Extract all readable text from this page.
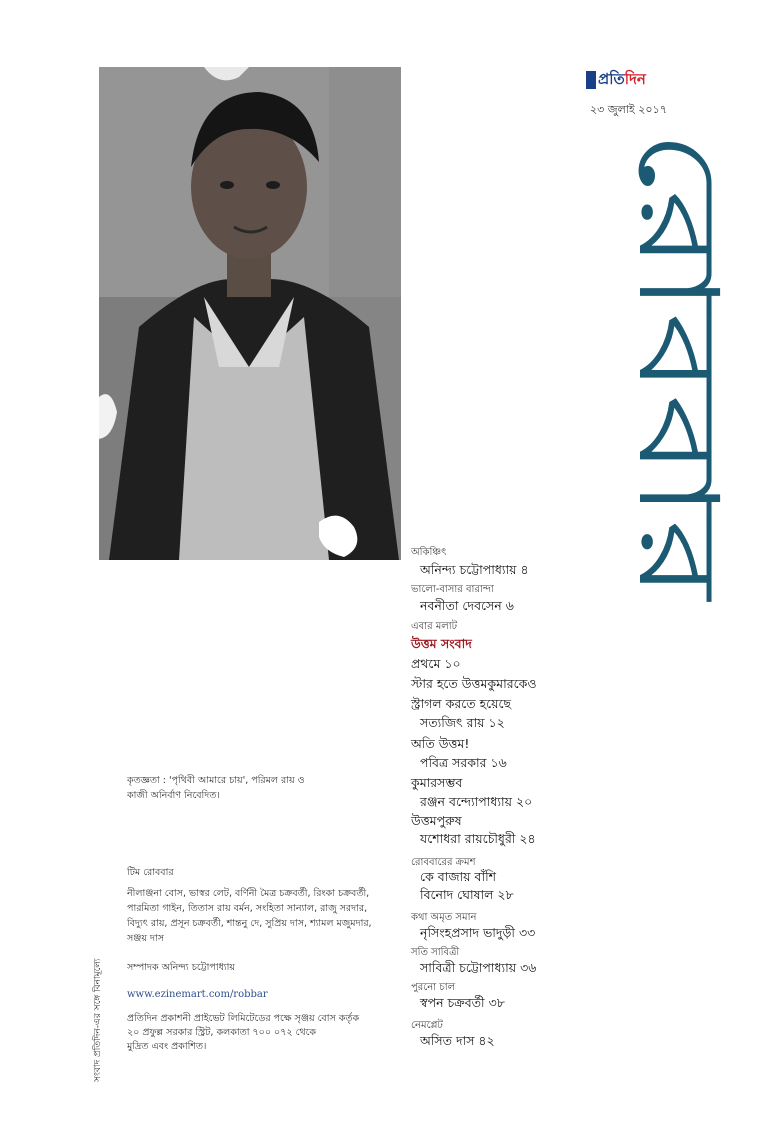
প্রতি দিন
২৩ জুলাই ২০১৭
রোববার
অকিঞ্চিৎ
অনিন্দ্য চট্টোপাধ্যায় ৪
ভালো-বাসার বারান্দা
নবনীতা দেবসেন ৬
এবার মলাট
উত্তম সংবাদ
প্রথমে ১০
স্টার হতে উত্তমকুমারকেও
স্ট্রাগল করতে হয়েছে
সত্যজিৎ রায় ১২
অতি উত্তম!
পবিত্র সরকার ১৬
কুমারসম্ভব
রঞ্জন বন্দ্যোপাধ্যায় ২০
উত্তমপুরুষ
যশোধরা রায়চৌধুরী ২৪
রোববারের ক্রমশ
কে বাজায় বাঁশি
বিনোদ ঘোষাল ২৮
কথা অমৃত সমান
নৃসিংহপ্রসাদ ভাদুড়ী ৩৩
সতি সাবিত্রী
সাবিত্রী চট্টোপাধ্যায় ৩৬
পুরনো চাল
স্বপন চক্রবর্তী ৩৮
নেমপ্লেট
অসিত দাস ৪২
কৃতজ্ঞতা : 'পৃথিবী আমারে চায়', পরিমল রায় ও
কাজী অনির্বাণ নিবেদিত।
টিম রোববার
নীলাঞ্জনা বোস, ভাস্বর লেট, বর্ণিনী মৈত্র চক্রবর্তী, রিংকা চক্রবর্তী,
পারমিতা গাইন, তিতাস রায় বর্মন, সংহিতা সান্যাল, রাজু সরদার,
বিদ্যুৎ রায়, প্রসূন চক্রবর্তী, শান্তনু দে, সুপ্রিয় দাস, শ্যামল মজুমদার,
সঞ্জয় দাস
সম্পাদক অনিন্দ্য চট্টোপাধ্যায়
www.ezinemart.com/robbar
প্রতিদিন প্রকাশনী প্রাইভেট লিমিটেডের পক্ষে সৃঞ্জয় বোস কর্তৃক
২০ প্রফুল্ল সরকার স্ট্রিট, কলকাতা ৭০০ ০৭২ থেকে
মুদ্রিত এবং প্রকাশিত।
সংবাদ প্রতিদিন-এর সঙ্গে বিনামূল্যে
